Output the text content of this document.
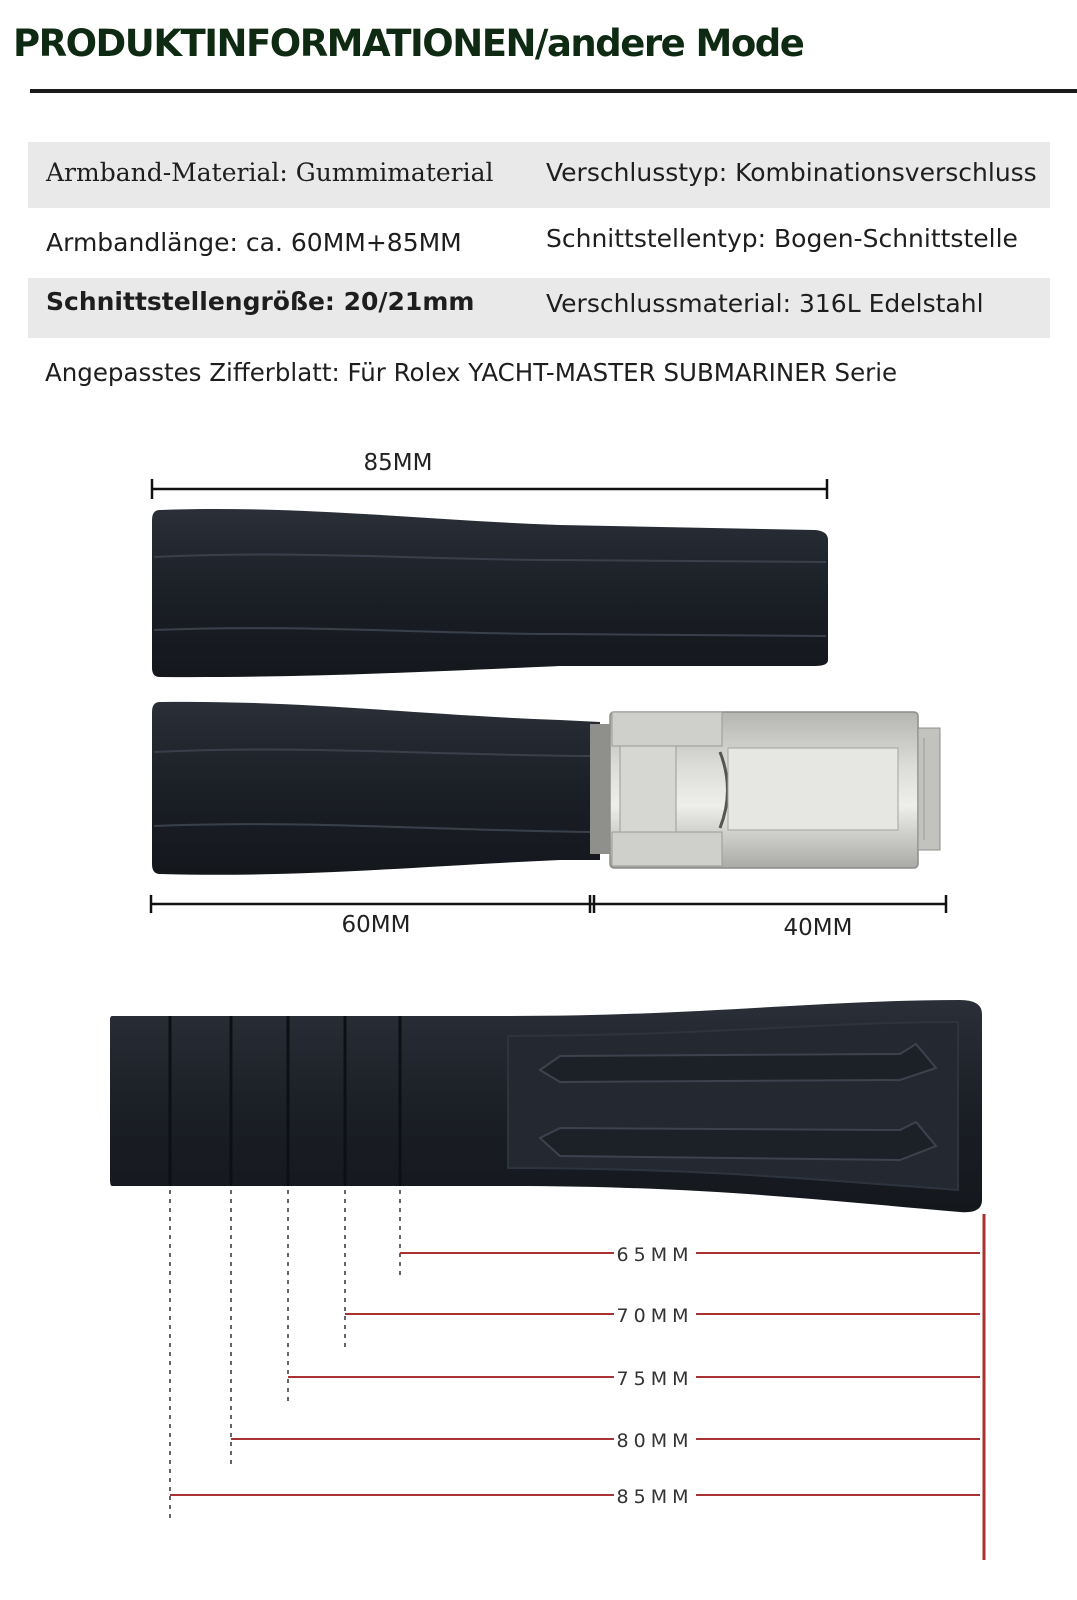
PRODUKTINFORMATIONEN/andere Mode
Armband-Material: Gummimaterial Verschlusstyp: Kombinationsverschluss
Armbandlänge: ca. 60MM+85MM	Schnittstellentyp: Bogen-Schnittstelle
Schnittstellengröße: 20/21mm	Verschlussmaterial: 316L Edelstahl
Angepasstes Zifferblatt: Für Rolex YACHT-MASTER SUBMARINER Serie
85MM
60MM	40MM
65MM
70MM
75MM
80MM
85MM
